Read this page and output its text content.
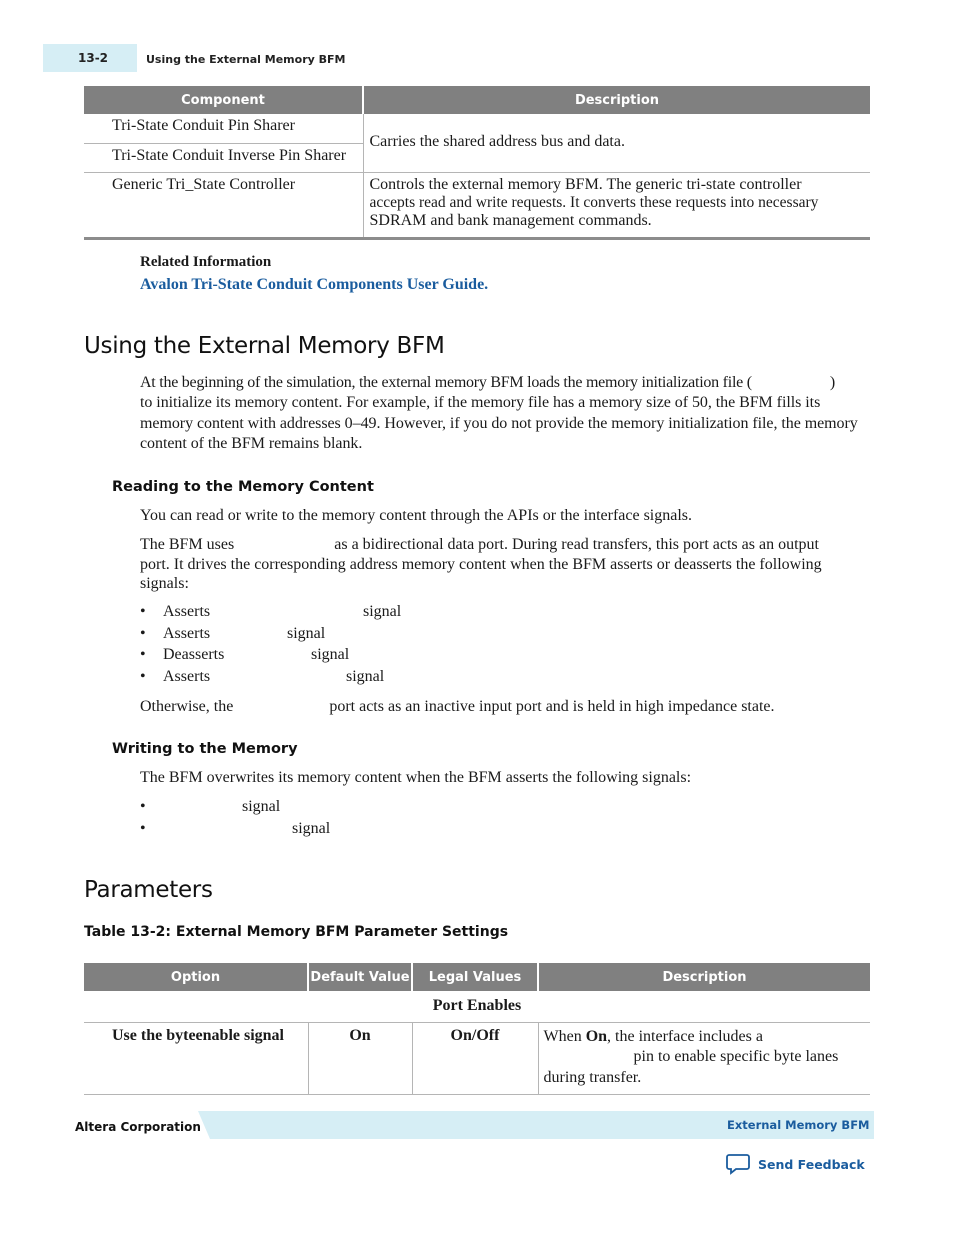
13-2	Using the External Memory BFM
Component	Description
Tri-State Conduit Pin Sharer	Carries the shared address bus and data.
Tri-State Conduit Inverse Pin Sharer	
Generic Tri_State Controller	Controls the external memory BFM. The generic tri-state controller
accepts read and write requests. It converts these requests into necessary
SDRAM and bank management commands.
Related Information
Avalon Tri-State Conduit Components User Guide.
Using the External Memory BFM
At the beginning of the simulation, the external memory BFM loads the memory initialization file (	)
to initialize its memory content. For example, if the memory file has a memory size of 50, the BFM fills its memory content with addresses 0–49. However, if you do not provide the memory initialization file, the memory content of the BFM remains blank.
Reading to the Memory Content
You can read or write to the memory content through the APIs or the interface signals.
The BFM uses	as a bidirectional data port. During read transfers, this port acts as an output
port. It drives the corresponding address memory content when the BFM asserts or deasserts the following signals:
• Asserts	signal
• Asserts	signal
• Deasserts	signal
• Asserts	signal
Otherwise, the	port acts as an inactive input port and is held in high impedance state.
Writing to the Memory
The BFM overwrites its memory content when the BFM asserts the following signals:
•	signal
•	signal
Parameters
Table 13-2: External Memory BFM Parameter Settings
Option	Default Value	Legal Values	Description
Port Enables			
Use the byteenable signal	On	On/Off	When On, the interface includes a
pin to enable specific byte lanes
during transfer.
Altera Corporation	External Memory BFM
Send Feedback
